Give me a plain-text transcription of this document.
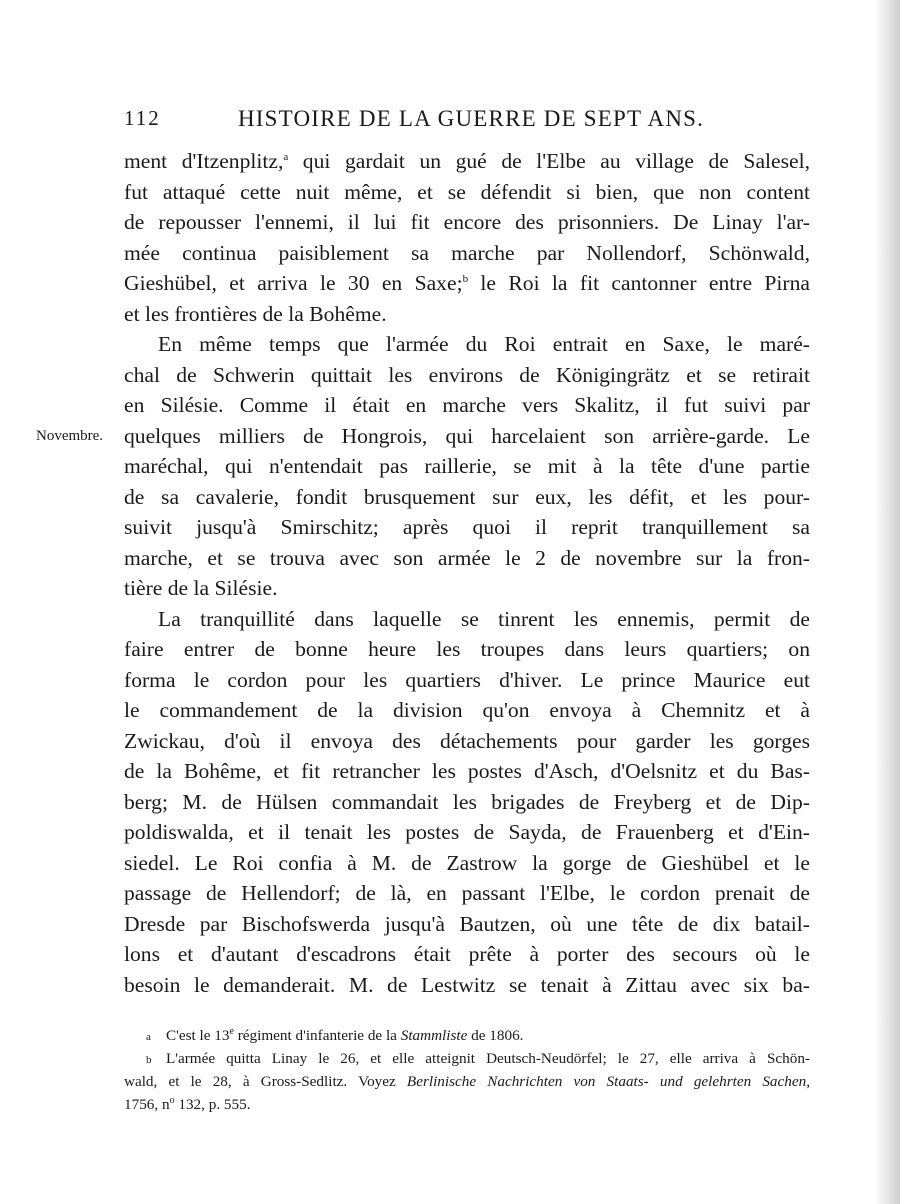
112	HISTOIRE DE LA GUERRE DE SEPT ANS.
Novembre.
ment d'Itzenplitz,$^a$ qui gardait un gué de l'Elbe au village de Salesel,
fut attaqué cette nuit même, et se défendit si bien, que non content
de repousser l'ennemi, il lui fit encore des prisonniers. De Linay l'ar-
mée continua paisiblement sa marche par Nollendorf, Schönwald,
Gieshübel, et arriva le 30 en Saxe;$^b$ le Roi la fit cantonner entre Pirna
et les frontières de la Bohême.
En même temps que l'armée du Roi entrait en Saxe, le maré-
chal de Schwerin quittait les environs de Königingrätz et se retirait
en Silésie. Comme il était en marche vers Skalitz, il fut suivi par
quelques milliers de Hongrois, qui harcelaient son arrière-garde. Le
maréchal, qui n'entendait pas raillerie, se mit à la tête d'une partie
de sa cavalerie, fondit brusquement sur eux, les défit, et les pour-
suivit jusqu'à Smirschitz; après quoi il reprit tranquillement sa
marche, et se trouva avec son armée le 2 de novembre sur la fron-
tière de la Silésie.
La tranquillité dans laquelle se tinrent les ennemis, permit de
faire entrer de bonne heure les troupes dans leurs quartiers; on
forma le cordon pour les quartiers d'hiver. Le prince Maurice eut
le commandement de la division qu'on envoya à Chemnitz et à
Zwickau, d'où il envoya des détachements pour garder les gorges
de la Bohême, et fit retrancher les postes d'Asch, d'Oelsnitz et du Bas-
berg; M. de Hülsen commandait les brigades de Freyberg et de Dip-
poldiswalda, et il tenait les postes de Sayda, de Frauenberg et d'Ein-
siedel. Le Roi confia à M. de Zastrow la gorge de Gieshübel et le
passage de Hellendorf; de là, en passant l'Elbe, le cordon prenait de
Dresde par Bischofswerda jusqu'à Bautzen, où une tête de dix batail-
lons et d'autant d'escadrons était prête à porter des secours où le
besoin le demanderait. M. de Lestwitz se tenait à Zittau avec six ba-
a C'est le 13e régiment d'infanterie de la Stammliste de 1806.
b L'armée quitta Linay le 26, et elle atteignit Deutsch-Neudörfel; le 27, elle arriva à Schön-
wald, et le 28, à Gross-Sedlitz. Voyez Berlinische Nachrichten von Staats- und gelehrten Sachen,
1756, $n^o$ 132, p. 555.
